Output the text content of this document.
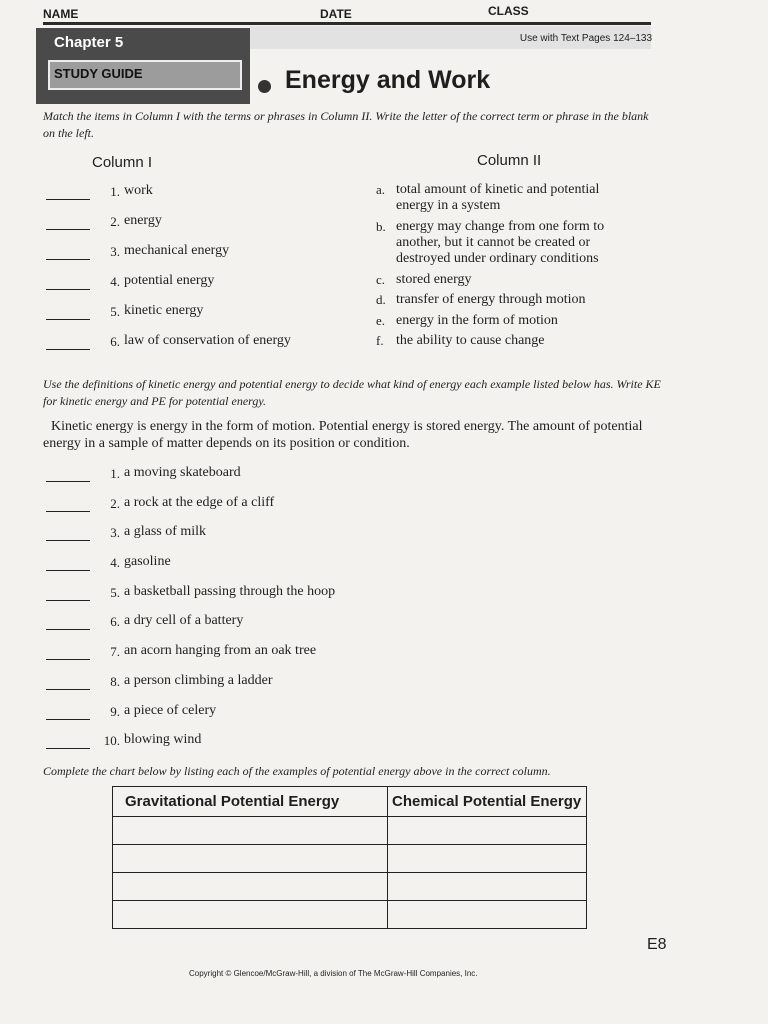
NAME	DATE	CLASS
Use with Text Pages 124–133
Chapter 5
STUDY GUIDE	Energy and Work
Match the items in Column I with the terms or phrases in Column II. Write the letter of the correct term or phrase in the blank on the left.
Column I	Column II
1. work
2. energy
3. mechanical energy
4. potential energy
5. kinetic energy
6. law of conservation of energy
a. total amount of kinetic and potential energy in a system
b. energy may change from one form to another, but it cannot be created or destroyed under ordinary conditions
c. stored energy
d. transfer of energy through motion
e. energy in the form of motion
f. the ability to cause change
Use the definitions of kinetic energy and potential energy to decide what kind of energy each example listed below has. Write KE for kinetic energy and PE for potential energy.
Kinetic energy is energy in the form of motion. Potential energy is stored energy. The amount of potential energy in a sample of matter depends on its position or condition.
1. a moving skateboard
2. a rock at the edge of a cliff
3. a glass of milk
4. gasoline
5. a basketball passing through the hoop
6. a dry cell of a battery
7. an acorn hanging from an oak tree
8. a person climbing a ladder
9. a piece of celery
10. blowing wind
Complete the chart below by listing each of the examples of potential energy above in the correct column.
Gravitational Potential Energy	Chemical Potential Energy

E8
Copyright © Glencoe/McGraw-Hill, a division of The McGraw-Hill Companies, Inc.
